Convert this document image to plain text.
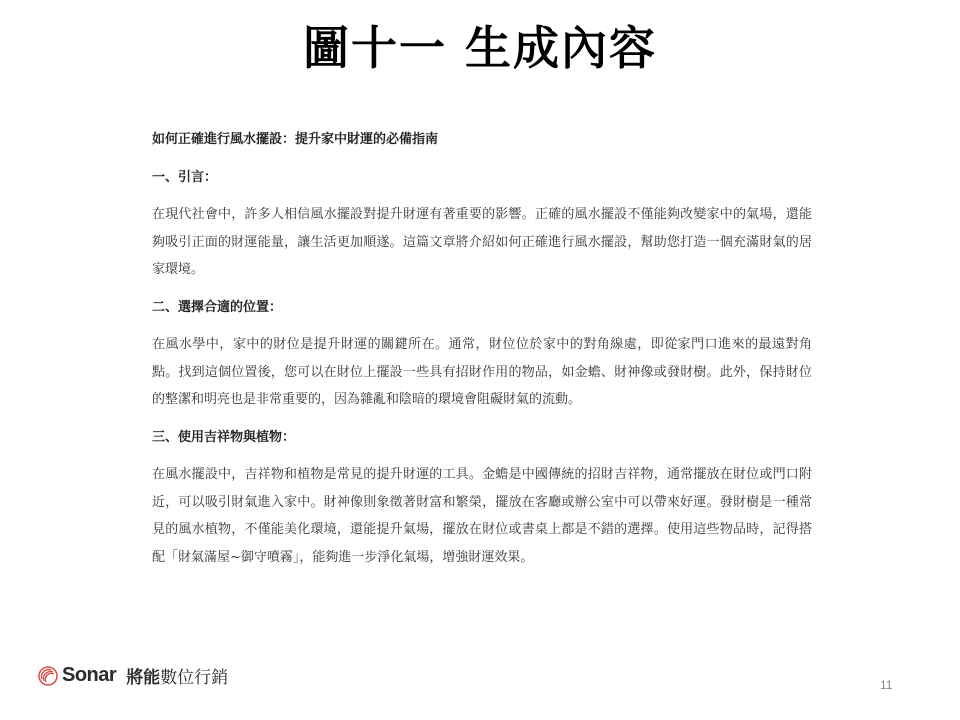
圖十一 生成內容
如何正確進行風水擺設：提升家中財運的必備指南
一、引言：

在現代社會中，許多人相信風水擺設對提升財運有著重要的影響。正確的風水擺設不僅能夠改變家中的氣場，還能夠吸引正面的財運能量，讓生活更加順遂。這篇文章將介紹如何正確進行風水擺設，幫助您打造一個充滿財氣的居家環境。

二、選擇合適的位置：

在風水學中，家中的財位是提升財運的關鍵所在。通常，財位位於家中的對角線處，即從家門口進來的最遠對角點。找到這個位置後，您可以在財位上擺設一些具有招財作用的物品，如金蟾、財神像或發財樹。此外，保持財位的整潔和明亮也是非常重要的，因為雜亂和陰暗的環境會阻礙財氣的流動。

三、使用吉祥物與植物：

在風水擺設中，吉祥物和植物是常見的提升財運的工具。金蟾是中國傳統的招財吉祥物，通常擺放在財位或門口附近，可以吸引財氣進入家中。財神像則象徵著財富和繁榮，擺放在客廳或辦公室中可以帶來好運。發財樹是一種常見的風水植物，不僅能美化環境，還能提升氣場，擺放在財位或書桌上都是不錯的選擇。使用這些物品時，記得搭配「財氣滿屋~御守噴霧」，能夠進一步淨化氣場，增強財運效果。

Sonar 將能數位行銷	11
